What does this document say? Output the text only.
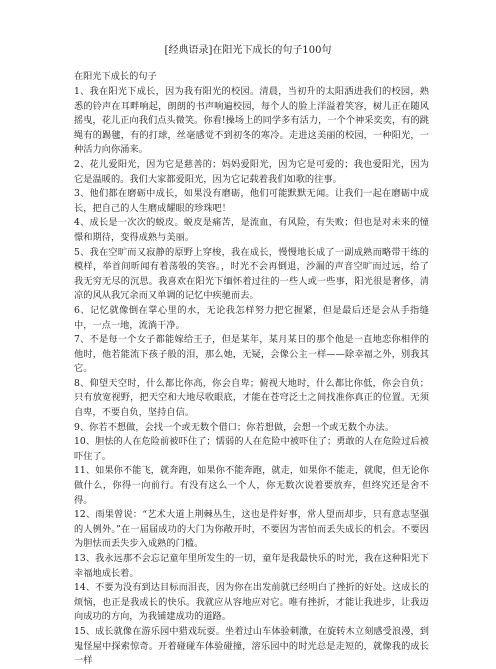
[经典语录]在阳光下成长的句子100句
在阳光下成长的句子

1、我在阳光下成长，因为我有阳光的校园。清晨，当初升的太阳洒进我们的校园，熟悉的铃声在耳畔响起，朗朗的书声响遍校园，每个人的脸上洋溢着笑容，树儿正在随风摇曳，花儿正向我们点头微笑。你看!操场上的同学多有活力，一个个神采奕奕，有的跳绳有的踢毽，有的打球，丝毫感觉不到初冬的寒冷。走进这美丽的校园，一种阳光，一种活力向你涌来。

2、花儿爱阳光，因为它是慈善的；妈妈爱阳光，因为它是可爱的；我也爱阳光，因为它是温暖的。我们大家都爱阳光，因为它记载着我们如歌的往事。

3、他们都在磨砺中成长，如果没有磨砺，他们可能默默无闻。让我们一起在磨砺中成长，把自己的人生磨成耀眼的珍珠吧！

4、成长是一次次的蜕皮。蜕皮是痛苦，是流血，有风险，有失败；但也是对未来的憧憬和期待，变得成熟与美丽。

5、我在空旷而又寂静的原野上穿梭，我在成长，慢慢地长成了一副成熟而略带干练的模样，举首间昕闻有着荡彀的笑容。，时光不会再倒退，沙漏的声音空旷而过远，给了我无穷无尽的沉思。我喜欢在阳光下缅怀着过往的一些人或一些事，阳光很是奢侈，清凉的风从我冗余而又单调的记忆中疾驰而去。

6、记忆就像倒在掌心里的水，无论我怎样努力把它握紧，但是最后还是会从手指缝中，一点一地，流淌干净。

7、不是每一个女子都能嫁给王子，但是某年，某月某日的那个他是一直地恋你相伴的他时，他若能流下孩子般的泪，那么她，无疑，会像公主一样——除幸福之外，别我其它。

8、仰望天空时，什么都比你高，你会自卑；俯视大地时，什么都比你低，你会自负；只有放宽视野，把天空和大地尽收眼底，才能在苍穹泛土之间找准你真正的位置。无须自卑，不要自负，坚持自信。

9、你若不想做，会找一个或无数个借口；你若想做，会想一个或无数个办法。

10、胆怯的人在危险前被吓住了；懦弱的人在危险中被吓住了；勇敢的人在危险过后被吓住了。

11、如果你不能飞，就奔跑，如果你不能奔跑，就走，如果你不能走，就爬，但无论你做什么，你得一向前行。有没有这么一个人，你无数次说着要放弃，但终究还是舍不得。

12、雨果曾说：“艺术大道上荆棘丛生，这也是件好事，常人望而却步，只有意志坚强的人例外。”在一届届成功的大门为你敞开时，不要因为害怕而丢失成长的机会。不要因为胆怯而丢失步入成熟的门槛。

13、我永远那不会忘记童年里所发生的一切，童年是我最快乐的时光，我在这种阳光下幸福地成长着。

14、不要为没有到达目标而泪丧，因为你在出发前就已经明白了挫折的好处。这成长的烦恼，也正是我成长的快乐。我就应从容地应对它。唯有挫折，才能让我进步，让我迈向成功的方向，为我铺建成功的道路。

15、成长就像在游乐园中猎戏玩耍。坐着过山车体验刺激，在旋转木立刻感受浪漫，到鬼怪屋中探索惊奇。开着碰碰车体验碰撞，溶乐园中的时光总是走短的，就像我的成长一样
